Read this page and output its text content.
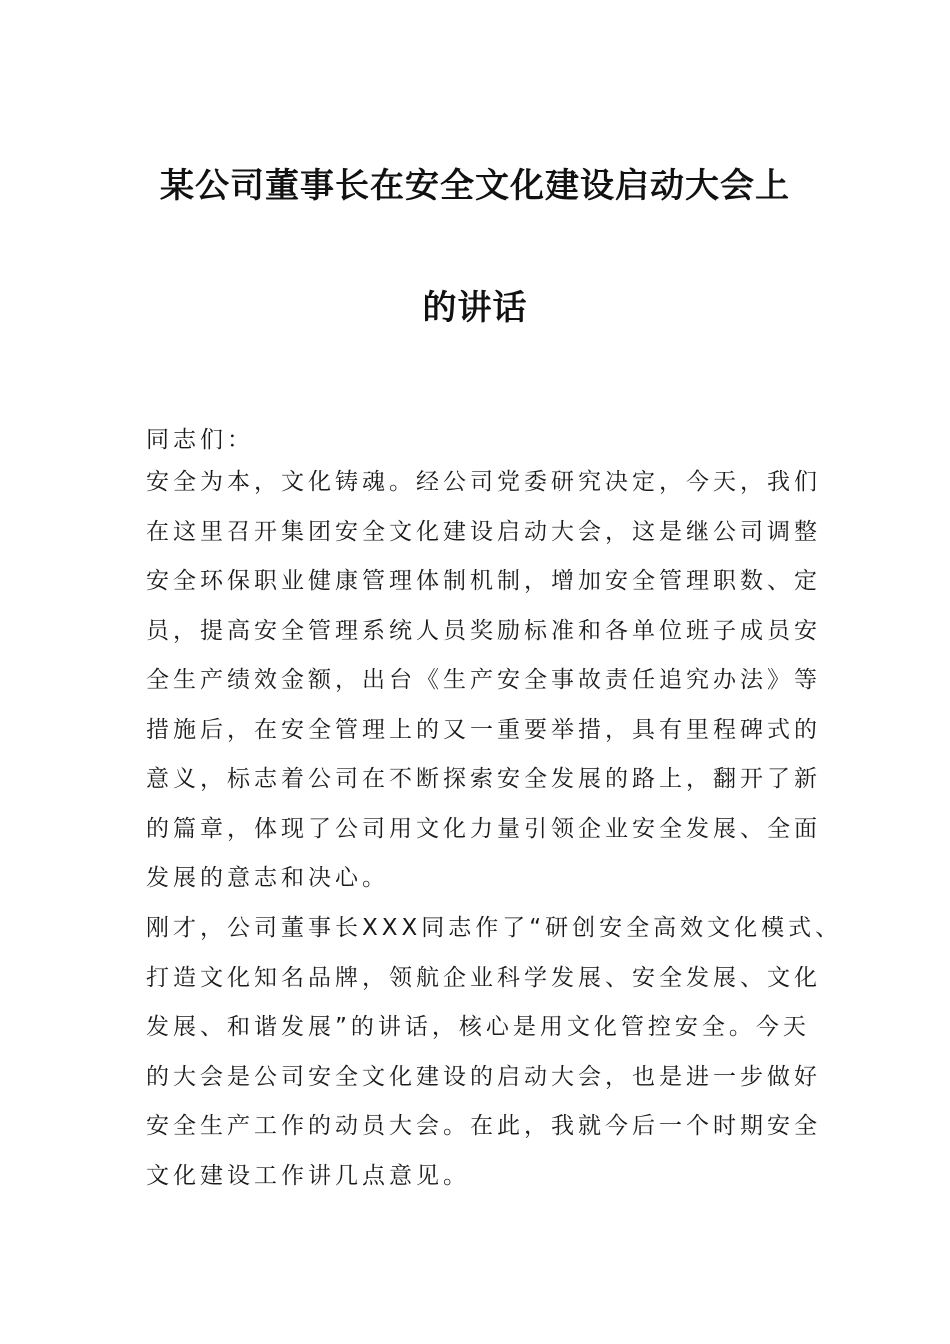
某公司董事长在安全文化建设启动大会上
的讲话
同志们：
安全为本，文化铸魂。经公司党委研究决定，今天，我们
在这里召开集团安全文化建设启动大会，这是继公司调整
安全环保职业健康管理体制机制，增加安全管理职数、定
员，提高安全管理系统人员奖励标准和各单位班子成员安
全生产绩效金额，出台《生产安全事故责任追究办法》等
措施后，在安全管理上的又一重要举措，具有里程碑式的
意义，标志着公司在不断探索安全发展的路上，翻开了新
的篇章，体现了公司用文化力量引领企业安全发展、全面
发展的意志和决心。
刚才，公司董事长XXX同志作了“研创安全高效文化模式、
打造文化知名品牌，领航企业科学发展、安全发展、文化
发展、和谐发展”的讲话，核心是用文化管控安全。今天
的大会是公司安全文化建设的启动大会，也是进一步做好
安全生产工作的动员大会。在此，我就今后一个时期安全
文化建设工作讲几点意见。
